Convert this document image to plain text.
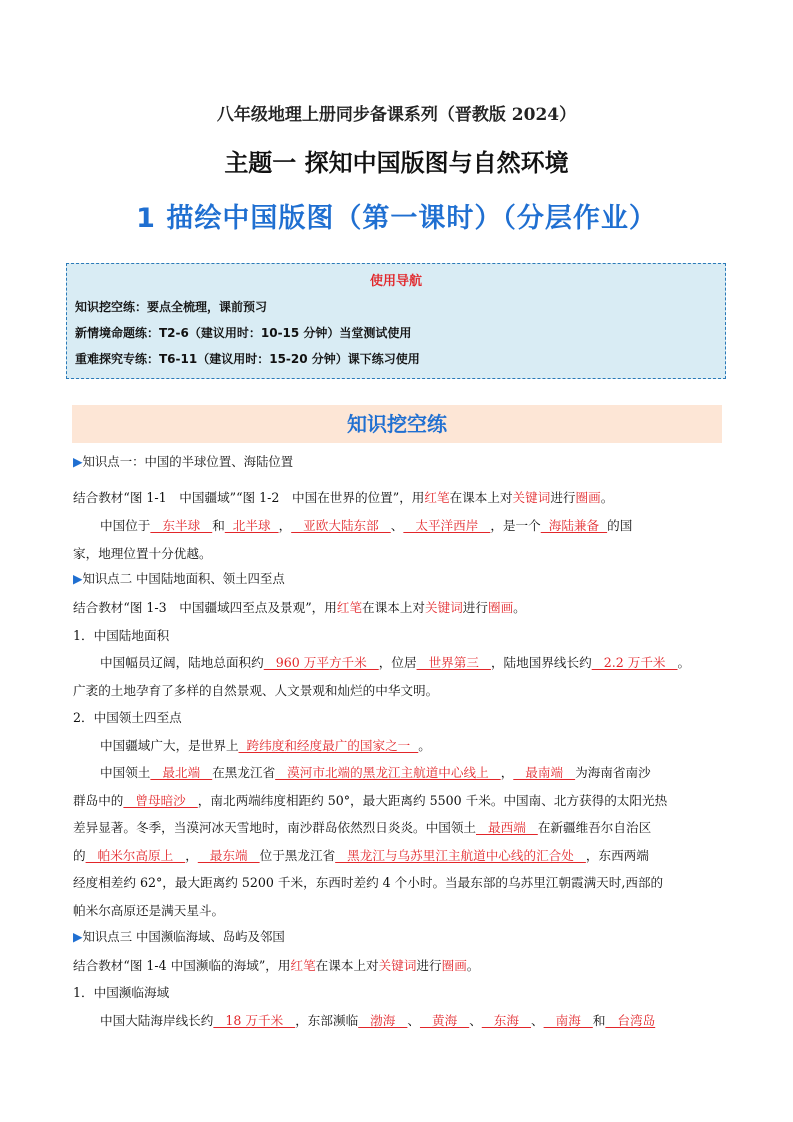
八年级地理上册同步备课系列（晋教版 2024）
主题一 探知中国版图与自然环境
1 描绘中国版图（第一课时）（分层作业）
使用导航
知识挖空练：要点全梳理，课前预习
新情境命题练：T2-6（建议用时：10-15 分钟）当堂测试使用
重难探究专练：T6-11（建议用时：15-20 分钟）课下练习使用
知识挖空练
▶知识点一：中国的半球位置、海陆位置
结合教材“图 1-1　中国疆域”“图 1-2　中国在世界的位置”，用红笔在课本上对关键词进行圈画。
中国位于   东半球   和  北半球  ，   亚欧大陆东部   、   太平洋西岸   ，是一个  海陆兼备  的国
家，地理位置十分优越。
▶知识点二 中国陆地面积、领土四至点
结合教材“图 1-3　中国疆域四至点及景观”，用红笔在课本上对关键词进行圈画。
1．中国陆地面积
中国幅员辽阔，陆地总面积约   960 万平方千米   ，位居   世界第三   ，陆地国界线长约   2.2 万千米   。
广袤的土地孕育了多样的自然景观、人文景观和灿烂的中华文明。
2．中国领土四至点
中国疆域广大，是世界上  跨纬度和经度最广的国家之一  。
中国领土   最北端   在黑龙江省   漠河市北端的黑龙江主航道中心线上   ，   最南端   为海南省南沙
群岛中的   曾母暗沙   ，南北两端纬度相距约 50°，最大距离约 5500 千米。中国南、北方获得的太阳光热
差异显著。冬季，当漠河冰天雪地时，南沙群岛依然烈日炎炎。中国领土   最西端   在新疆维吾尔自治区
的   帕米尔高原上   ，   最东端   位于黑龙江省   黑龙江与乌苏里江主航道中心线的汇合处   ，东西两端
经度相差约 62°，最大距离约 5200 千米，东西时差约 4 个小时。当最东部的乌苏里江朝霞满天时,西部的
帕米尔高原还是满天星斗。
▶知识点三 中国濒临海域、岛屿及邻国
结合教材“图 1-4 中国濒临的海域”，用红笔在课本上对关键词进行圈画。
1．中国濒临海域
中国大陆海岸线长约   18 万千米   ，东部濒临   渤海   、   黄海   、   东海   、   南海   和   台湾岛
